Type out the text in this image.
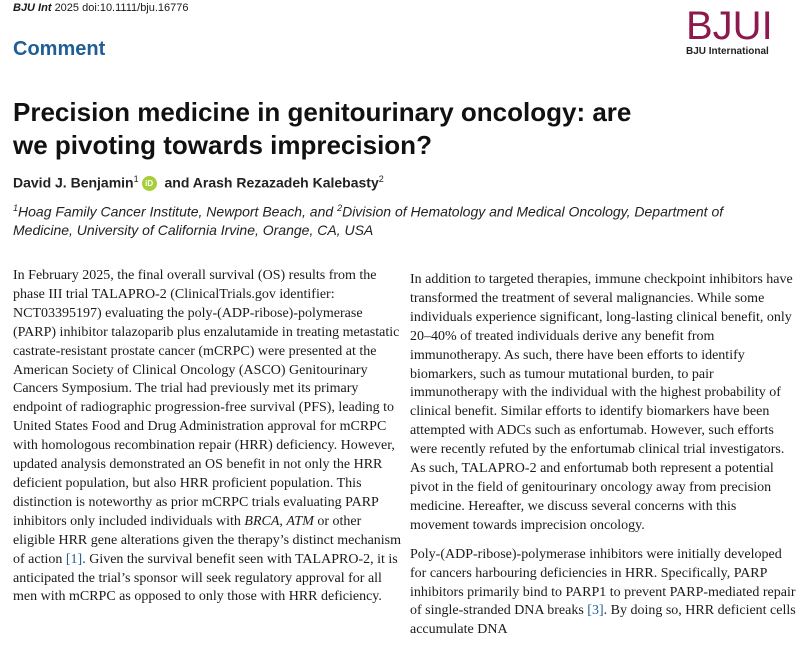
BJU Int 2025 doi:10.1111/bju.16776	BJUI
BJU International
Comment
Precision medicine in genitourinary oncology: are we pivoting towards imprecision?
David J. Benjamin$^1$ iD and Arash Rezazadeh Kalebasty$^2$

$^1$Hoag Family Cancer Institute, Newport Beach, and $^2$Division of Hematology and Medical Oncology, Department of Medicine, University of California Irvine, Orange, CA, USA

In February 2025, the final overall survival (OS) results from the phase III trial TALAPRO-2 (ClinicalTrials.gov identifier: NCT03395197) evaluating the poly-(ADP-ribose)-polymerase (PARP) inhibitor talazoparib plus enzalutamide in treating metastatic castrate-resistant prostate cancer (mCRPC) were presented at the American Society of Clinical Oncology (ASCO) Genitourinary Cancers Symposium. The trial had previously met its primary endpoint of radiographic progression-free survival (PFS), leading to United States Food and Drug Administration approval for mCRPC with homologous recombination repair (HRR) deficiency. However, updated analysis demonstrated an OS benefit in not only the HRR deficient population, but also HRR proficient population. This distinction is noteworthy as prior mCRPC trials evaluating PARP inhibitors only included individuals with BRCA, ATM or other eligible HRR gene alterations given the therapy’s distinct mechanism of action [1]. Given the survival benefit seen with TALAPRO-2, it is anticipated the trial’s sponsor will seek regulatory approval for all men with mCRPC as opposed to only those with HRR deficiency.

In addition to targeted therapies, immune checkpoint inhibitors have transformed the treatment of several malignancies. While some individuals experience significant, long-lasting clinical benefit, only 20–40% of treated individuals derive any benefit from immunotherapy. As such, there have been efforts to identify biomarkers, such as tumour mutational burden, to pair immunotherapy with the individual with the highest probability of clinical benefit. Similar efforts to identify biomarkers have been attempted with ADCs such as enfortumab. However, such efforts were recently refuted by the enfortumab clinical trial investigators. As such, TALAPRO-2 and enfortumab both represent a potential pivot in the field of genitourinary oncology away from precision medicine. Hereafter, we discuss several concerns with this movement towards imprecision oncology.

Poly-(ADP-ribose)-polymerase inhibitors were initially developed for cancers harbouring deficiencies in HRR. Specifically, PARP inhibitors primarily bind to PARP1 to prevent PARP-mediated repair of single-stranded DNA breaks [3]. By doing so, HRR deficient cells accumulate DNA
